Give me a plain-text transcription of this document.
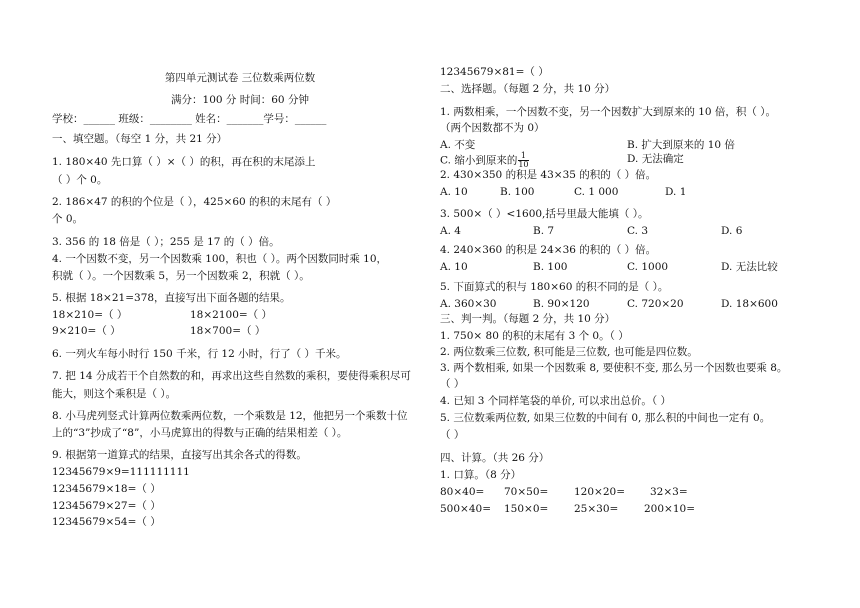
第四单元测试卷 三位数乘两位数
满分：100 分 时间：60 分钟
学校：______ 班级：________ 姓名：_______学号：______
一、填空题。（每空 1 分，共 21 分）
1. 180×40 先口算（ ）×（ ）的积，再在积的末尾添上
（ ）个 0。
2. 186×47 的积的个位是（ ），425×60 的积的末尾有（ ）
个 0。
3. 356 的 18 倍是（ ）；255 是 17 的（ ）倍。
4. 一个因数不变，另一个因数乘 100，积也（ ）。两个因数同时乘 10，
积就（ ）。一个因数乘 5，另一个因数乘 2，积就（ ）。
5. 根据 18×21=378，直接写出下面各题的结果。
18×210=（ ）	18×2100=（ ）
9×210=（ ）	18×700=（ ）
6. 一列火车每小时行 150 千米，行 12 小时，行了（ ）千米。
7. 把 14 分成若干个自然数的和，再求出这些自然数的乘积，要使得乘积尽可
能大，则这个乘积是（ ）。
8. 小马虎列竖式计算两位数乘两位数，一个乘数是 12，他把另一个乘数十位
上的“3”抄成了“8”，小马虎算出的得数与正确的结果相差（ ）。
9. 根据第一道算式的结果，直接写出其余各式的得数。
12345679×9=111111111
12345679×18=（ ）
12345679×27=（ ）
12345679×54=（ ）
12345679×81=（ ）
二、选择题。（每题 2 分，共 10 分）
1. 两数相乘，一个因数不变，另一个因数扩大到原来的 10 倍，积（ ）。
（两个因数都不为 0）
A. 不变	B. 扩大到原来的 10 倍
C. 缩小到原来的 $\frac{1}{10}$	D. 无法确定
2. 430×350 的积是 43×35 的积的（ ）倍。
A. 10	B. 100	C. 1 000	D. 1
3. 500×（ ）<1600,括号里最大能填（ ）。
A. 4	B. 7	C. 3	D. 6
4. 240×360 的积是 24×36 的积的（ ）倍。
A. 10	B. 100	C. 1000	D. 无法比较
5. 下面算式的积与 180×60 的积不同的是（ ）。
A. 360×30	B. 90×120	C. 720×20	D. 18×600
三、判一判。（每题 2 分，共 10 分）
1. 750× 80 的积的末尾有 3 个 0。（ ）
2. 两位数乘三位数, 积可能是三位数, 也可能是四位数。
3. 两个数相乘, 如果一个因数乘 8, 要使积不变, 那么另一个因数也要乘 8。
（ ）
4. 已知 3 个同样笔袋的单价, 可以求出总价。（ ）
5. 三位数乘两位数, 如果三位数的中间有 0, 那么积的中间也一定有 0。
（ ）
四、计算。（共 26 分）
1. 口算。（8 分）
80×40= 70×50= 120×20= 32×3=
500×40= 150×0= 25×30= 200×10=
